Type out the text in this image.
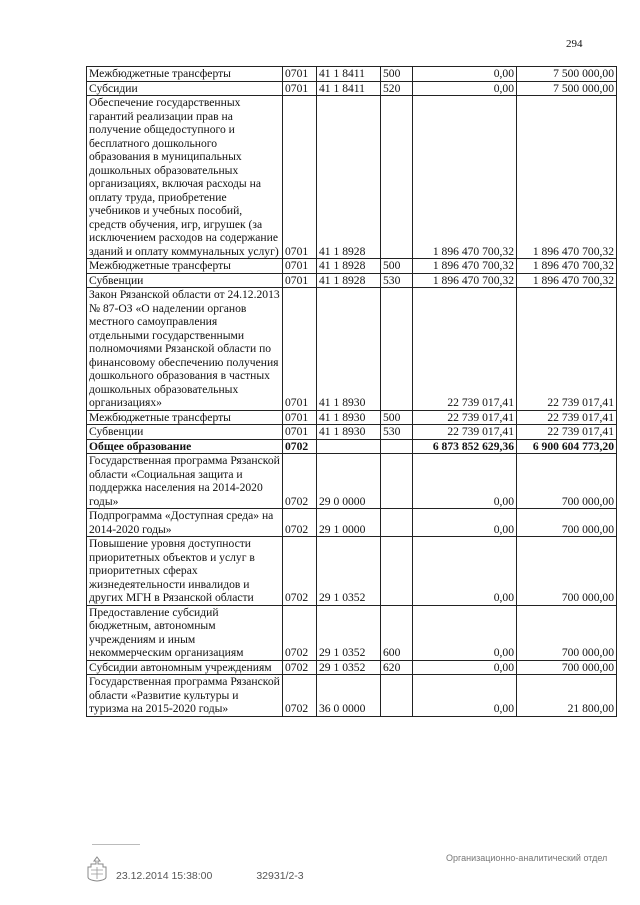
294
Межбюджетные трансферты	0701	41 1 8411	500	0,00	7 500 000,00
Субсидии	0701	41 1 8411	520	0,00	7 500 000,00
Обеспечение государственных гарантий реализации прав на получение общедоступного и бесплатного дошкольного образования в муниципальных дошкольных образовательных организациях, включая расходы на оплату труда, приобретение учебников и учебных пособий, средств обучения, игр, игрушек (за исключением расходов на содержание зданий и оплату коммунальных услуг)	0701	41 1 8928		1 896 470 700,32	1 896 470 700,32
Межбюджетные трансферты	0701	41 1 8928	500	1 896 470 700,32	1 896 470 700,32
Субвенции	0701	41 1 8928	530	1 896 470 700,32	1 896 470 700,32
Закон Рязанской области от 24.12.2013 № 87-ОЗ «О наделении органов местного самоуправления отдельными государственными полномочиями Рязанской области по финансовому обеспечению получения дошкольного образования в частных дошкольных образовательных организациях»	0701	41 1 8930		22 739 017,41	22 739 017,41
Межбюджетные трансферты	0701	41 1 8930	500	22 739 017,41	22 739 017,41
Субвенции	0701	41 1 8930	530	22 739 017,41	22 739 017,41
Общее образование	0702			6 873 852 629,36	6 900 604 773,20
Государственная программа Рязанской области «Социальная защита и поддержка населения на 2014-2020 годы»	0702	29 0 0000		0,00	700 000,00
Подпрограмма «Доступная среда» на 2014-2020 годы»	0702	29 1 0000		0,00	700 000,00
Повышение уровня доступности приоритетных объектов и услуг в приоритетных сферах жизнедеятельности инвалидов и других МГН в Рязанской области	0702	29 1 0352		0,00	700 000,00
Предоставление субсидий бюджетным, автономным учреждениям и иным некоммерческим организациям	0702	29 1 0352	600	0,00	700 000,00
Субсидии автономным учреждениям	0702	29 1 0352	620	0,00	700 000,00
Государственная программа Рязанской области «Развитие культуры и туризма на 2015-2020 годы»	0702	36 0 0000		0,00	21 800,00
23.12.2014 15:38:00	32931/2-3
Организационно-аналитический отдел
